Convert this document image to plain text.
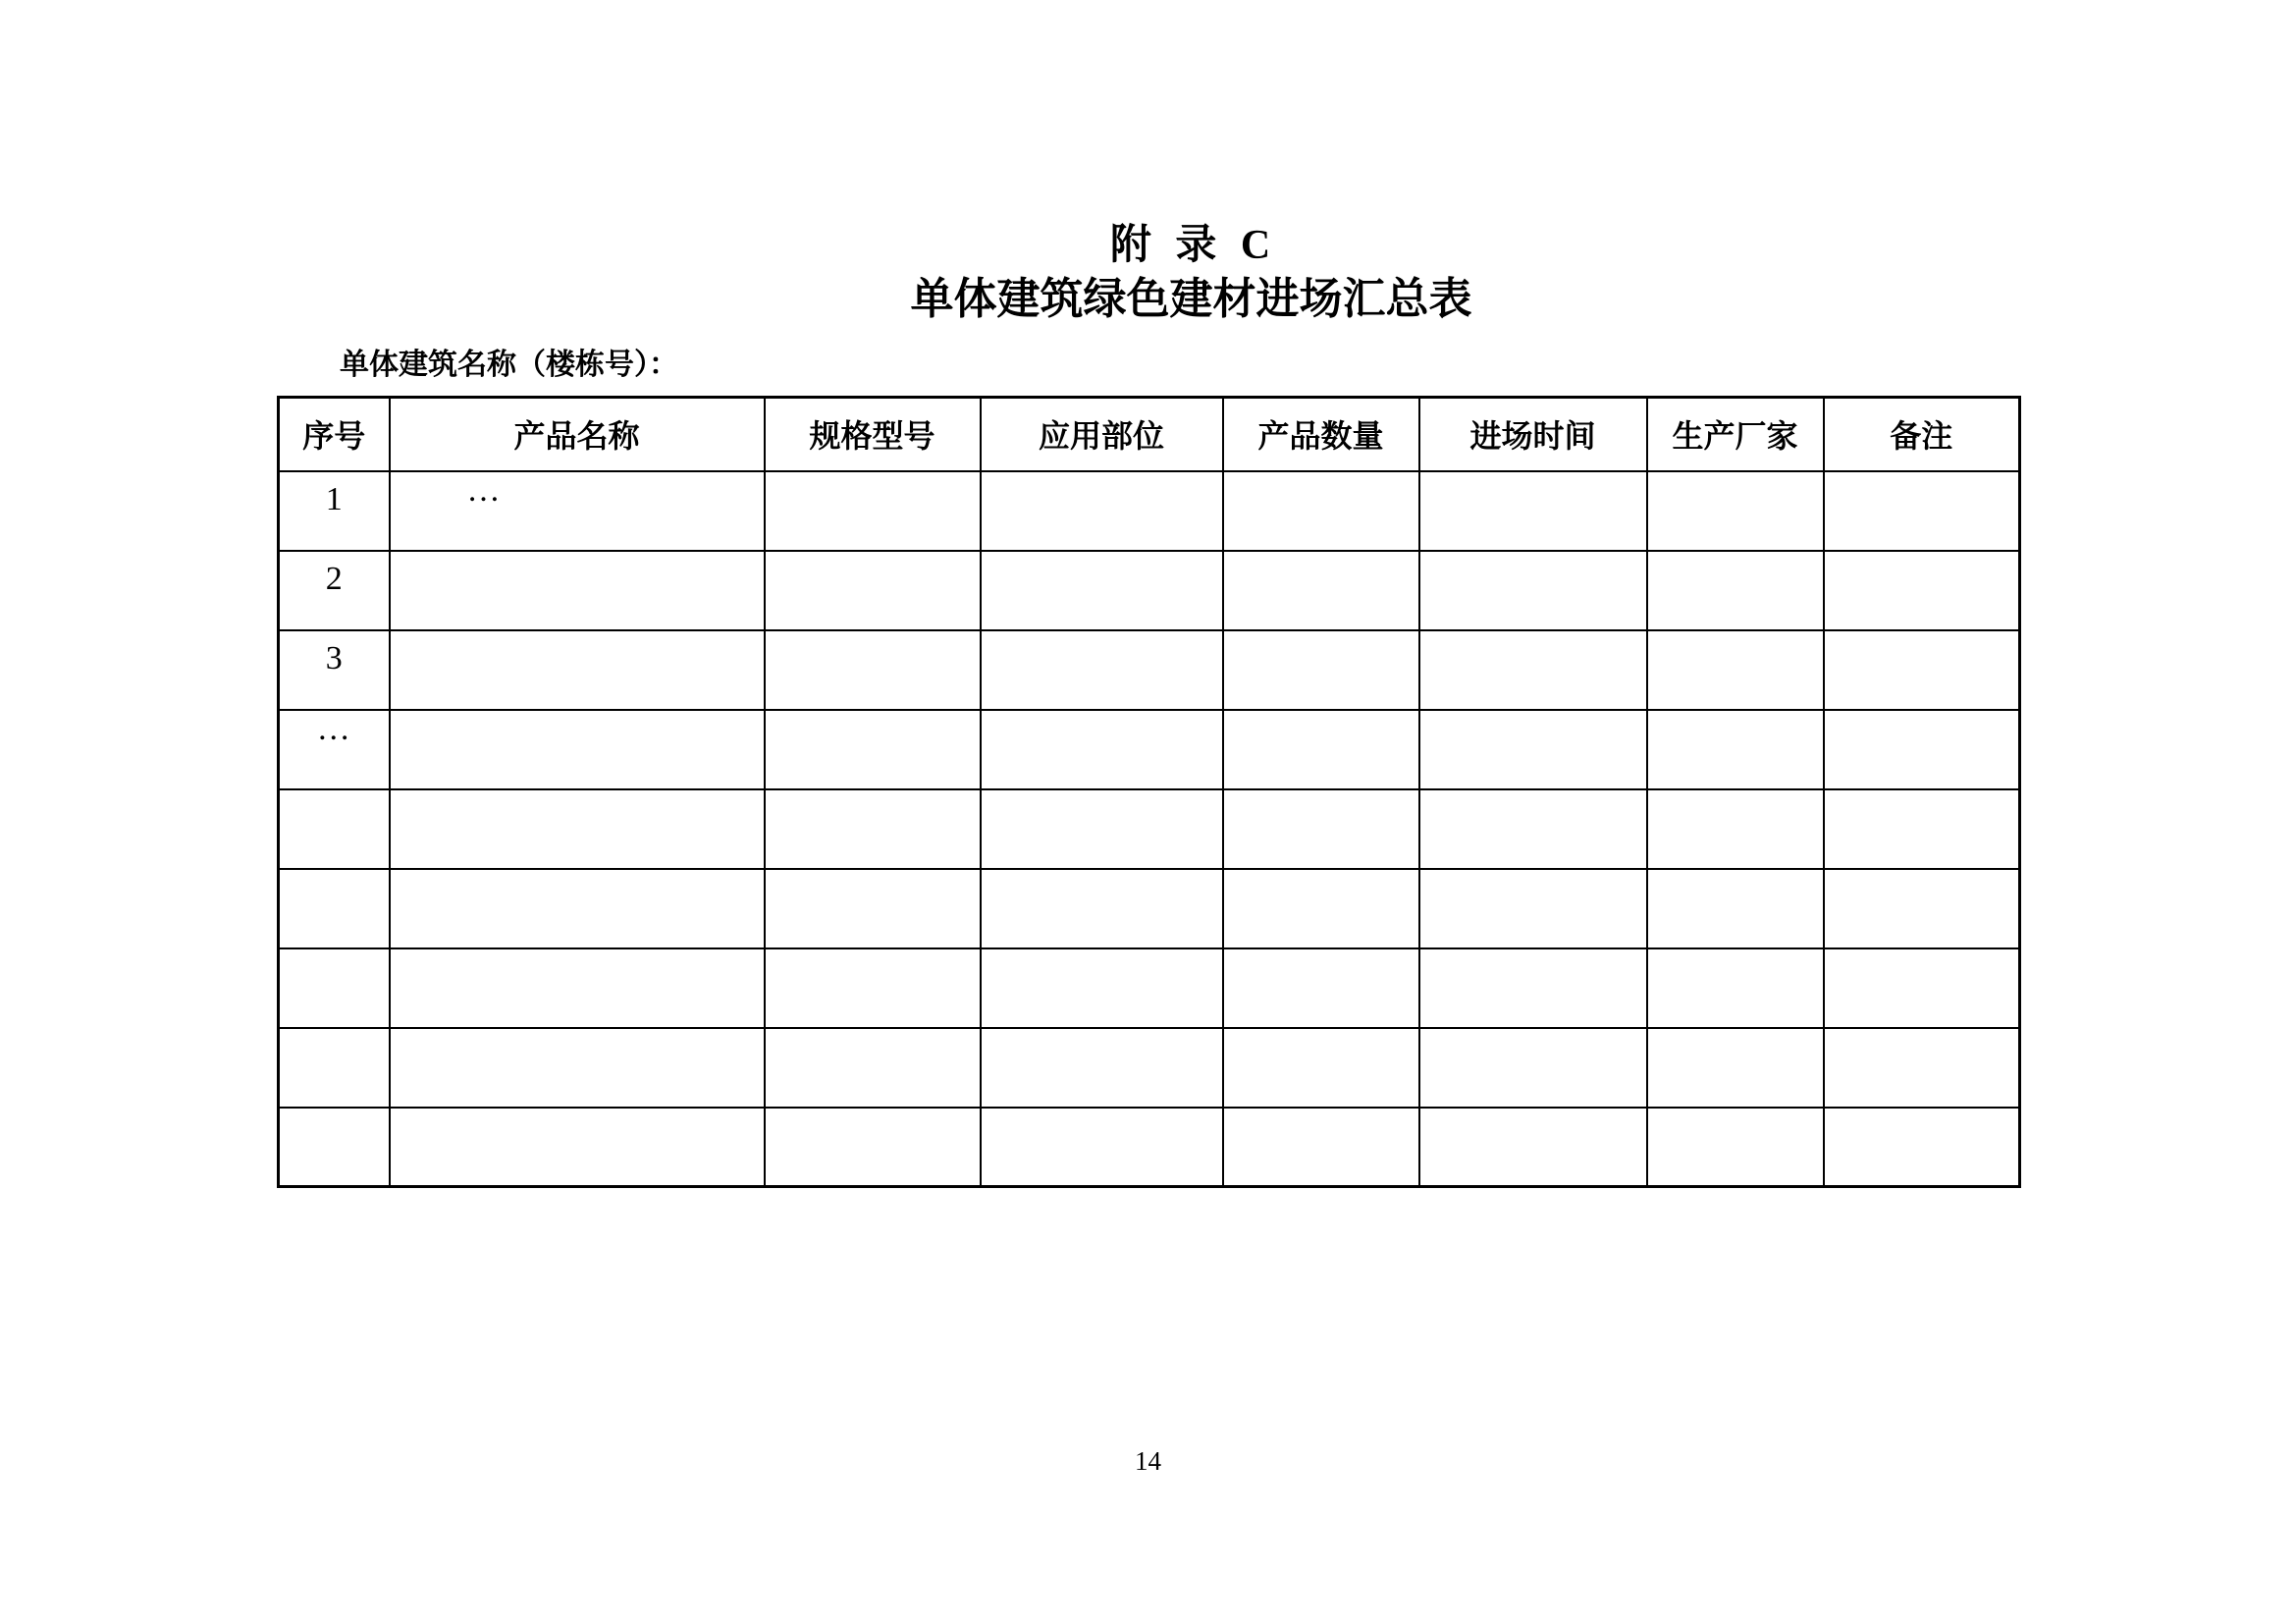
附 录 C
单体建筑绿色建材进场汇总表
单体建筑名称（楼栋号）：
序号	产品名称	规格型号	应用部位	产品数量	进场时间	生产厂家	备注
1	…						
2							
3							
…							

14
